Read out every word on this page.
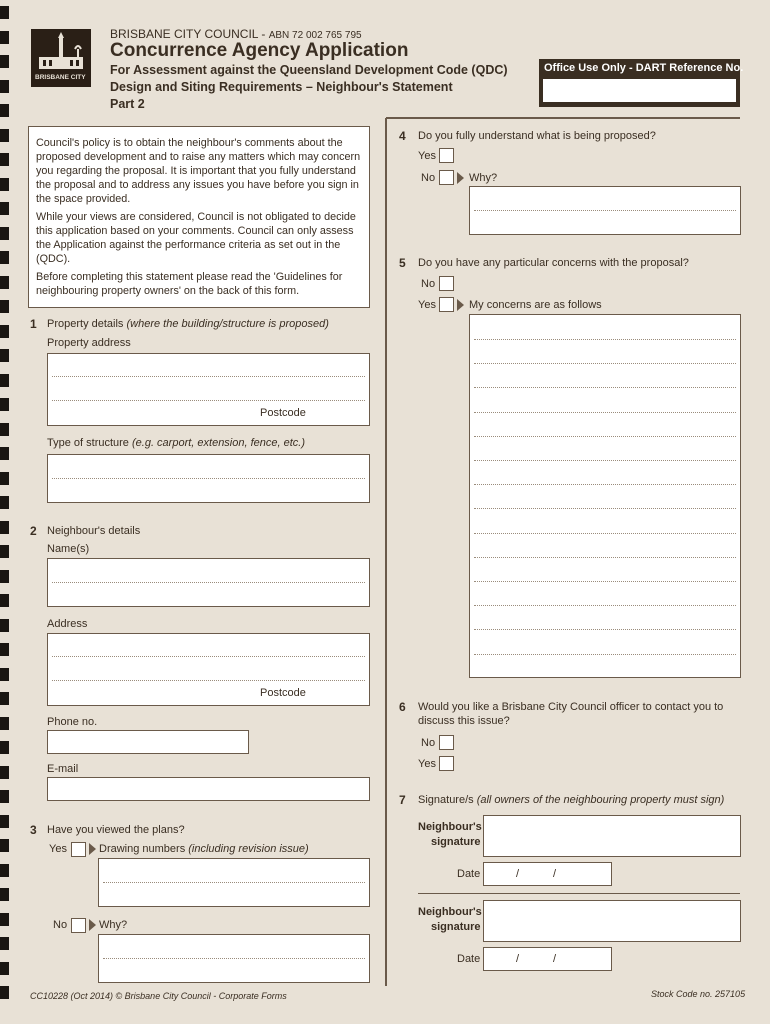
BRISBANE CITY
BRISBANE CITY COUNCIL - ABN 72 002 765 795
Concurrence Agency Application
For Assessment against the Queensland Development Code (QDC)
Design and Siting Requirements – Neighbour's Statement
Part 2
Office Use Only - DART Reference No.
Council's policy is to obtain the neighbour's comments about the proposed development and to raise any matters which may concern you regarding the proposal. It is important that you fully understand the proposal and to address any issues you have before you sign in the space provided.
While your views are considered, Council is not obligated to decide this application based on your comments. Council can only assess the Application against the performance criteria as set out in the (QDC).
Before completing this statement please read the 'Guidelines for neighbouring property owners' on the back of this form.
1 Property details (where the building/structure is proposed)
Property address
Postcode
Type of structure (e.g. carport, extension, fence, etc.)
2 Neighbour's details
Name(s)
Address
Postcode
Phone no.
E-mail
3 Have you viewed the plans?
Yes	Drawing numbers (including revision issue)
No	Why?
4 Do you fully understand what is being proposed?
Yes
No	Why?
5 Do you have any particular concerns with the proposal?
No
Yes	My concerns are as follows
6 Would you like a Brisbane City Council officer to contact you to
discuss this issue?
No
Yes
7 Signature/s (all owners of the neighbouring property must sign)
Neighbour's
signature
Date	/	/
Neighbour's
signature
Date	/	/
CC10228 (Oct 2014) © Brisbane City Council - Corporate Forms	Stock Code no. 257105
